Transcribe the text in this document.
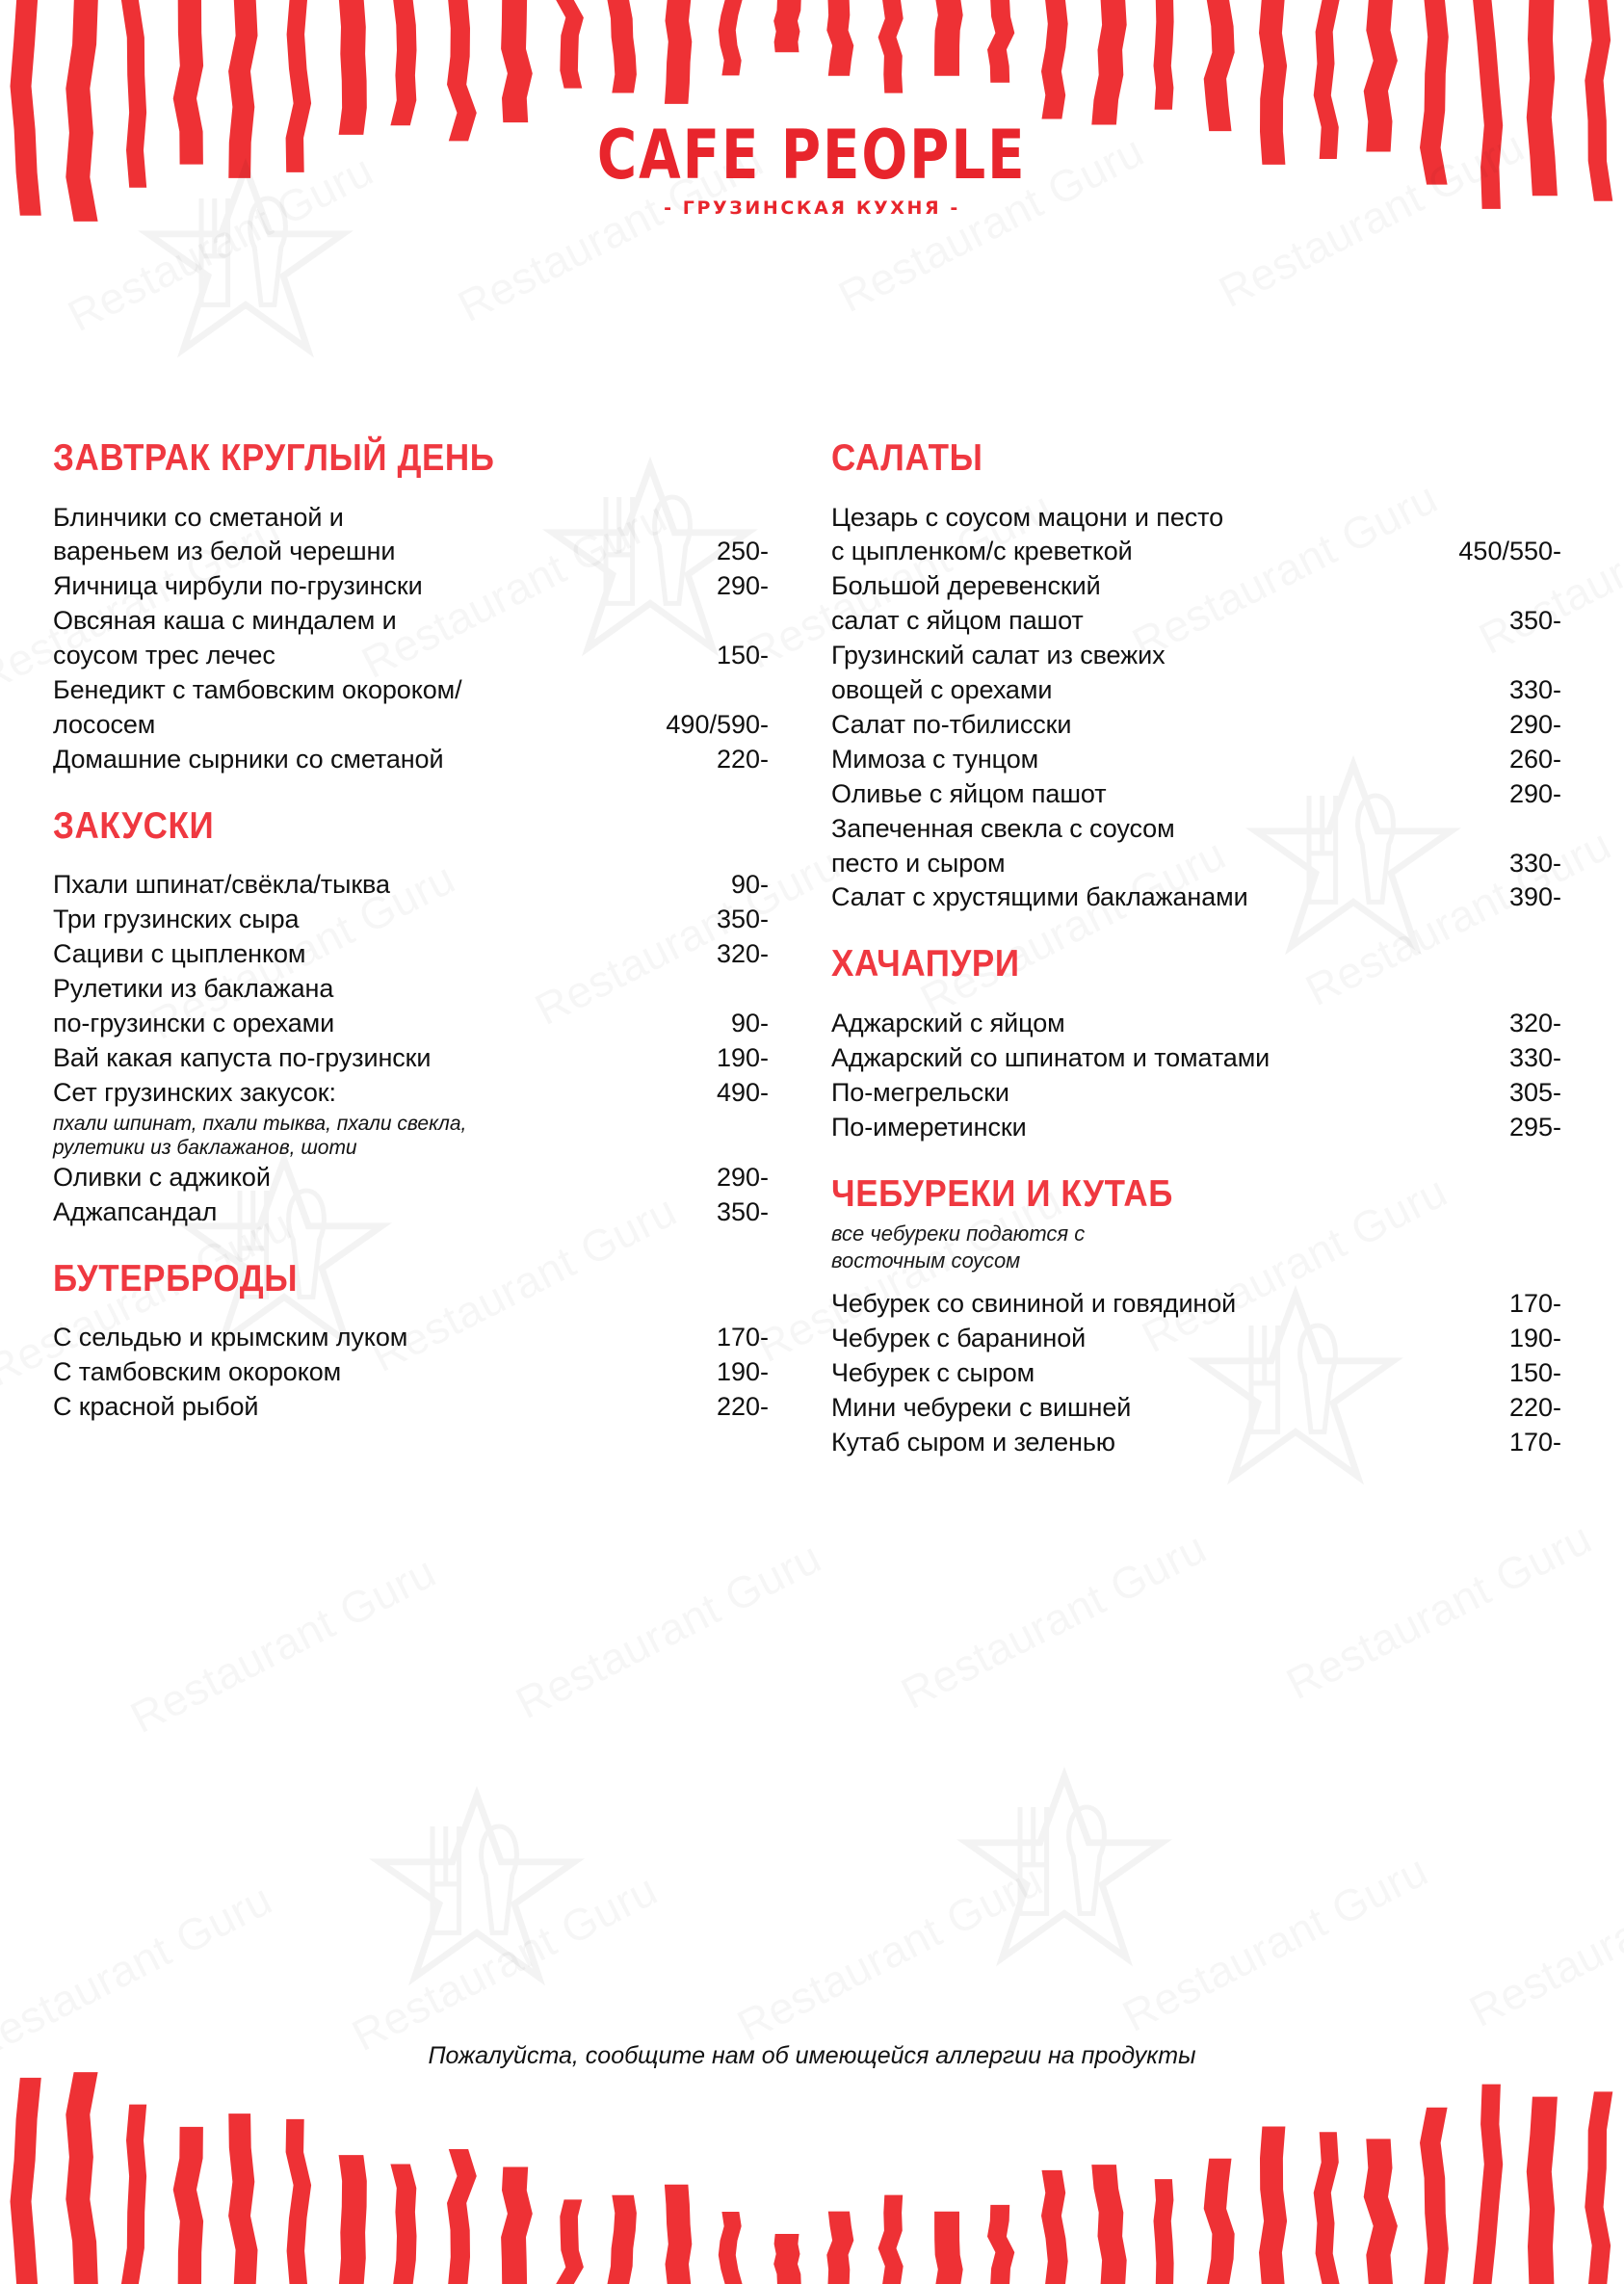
CAFE PEOPLE
- ГРУЗИНСКАЯ КУХНЯ -
ЗАВТРАК КРУГЛЫЙ ДЕНЬ
Блинчики со сметаной и
вареньем из белой черешни	250-
Яичница чирбули по-грузински	290-
Овсяная каша с миндалем и
соусом трес лечес	150-
Бенедикт с тамбовским окороком/
лососем	490/590-
Домашние сырники со сметаной	220-
ЗАКУСКИ
Пхали шпинат/свёкла/тыква	90-
Три грузинских сыра	350-
Сациви с цыпленком	320-
Рулетики из баклажана
по-грузински с орехами	90-
Вай какая капуста по-грузински	190-
Сет грузинских закусок:	490-
пхали шпинат, пхали тыква, пхали свекла,
рулетики из баклажанов, шоти
Оливки с аджикой	290-
Аджапсандал	350-
БУТЕРБРОДЫ
С сельдью и крымским луком	170-
С тамбовским окороком	190-
С красной рыбой	220-
САЛАТЫ
Цезарь с соусом мацони и песто
с цыпленком/с креветкой	450/550-
Большой деревенский
салат с яйцом пашот	350-
Грузинский салат из свежих
овощей с орехами	330-
Салат по-тбилисски	290-
Мимоза с тунцом	260-
Оливье с яйцом пашот	290-
Запеченная свекла с соусом
песто и сыром	330-
Салат с хрустящими баклажанами	390-
ХАЧАПУРИ
Аджарский с яйцом	320-
Аджарский со шпинатом и томатами	330-
По-мегрельски	305-
По-имеретински	295-
ЧЕБУРЕКИ И КУТАБ
все чебуреки подаются с
восточным соусом
Чебурек со свининой и говядиной	170-
Чебурек с бараниной	190-
Чебурек с сыром	150-
Мини чебуреки с вишней	220-
Кутаб сыром и зеленью	170-
Пожалуйста, сообщите нам об имеющейся аллергии на продукты
